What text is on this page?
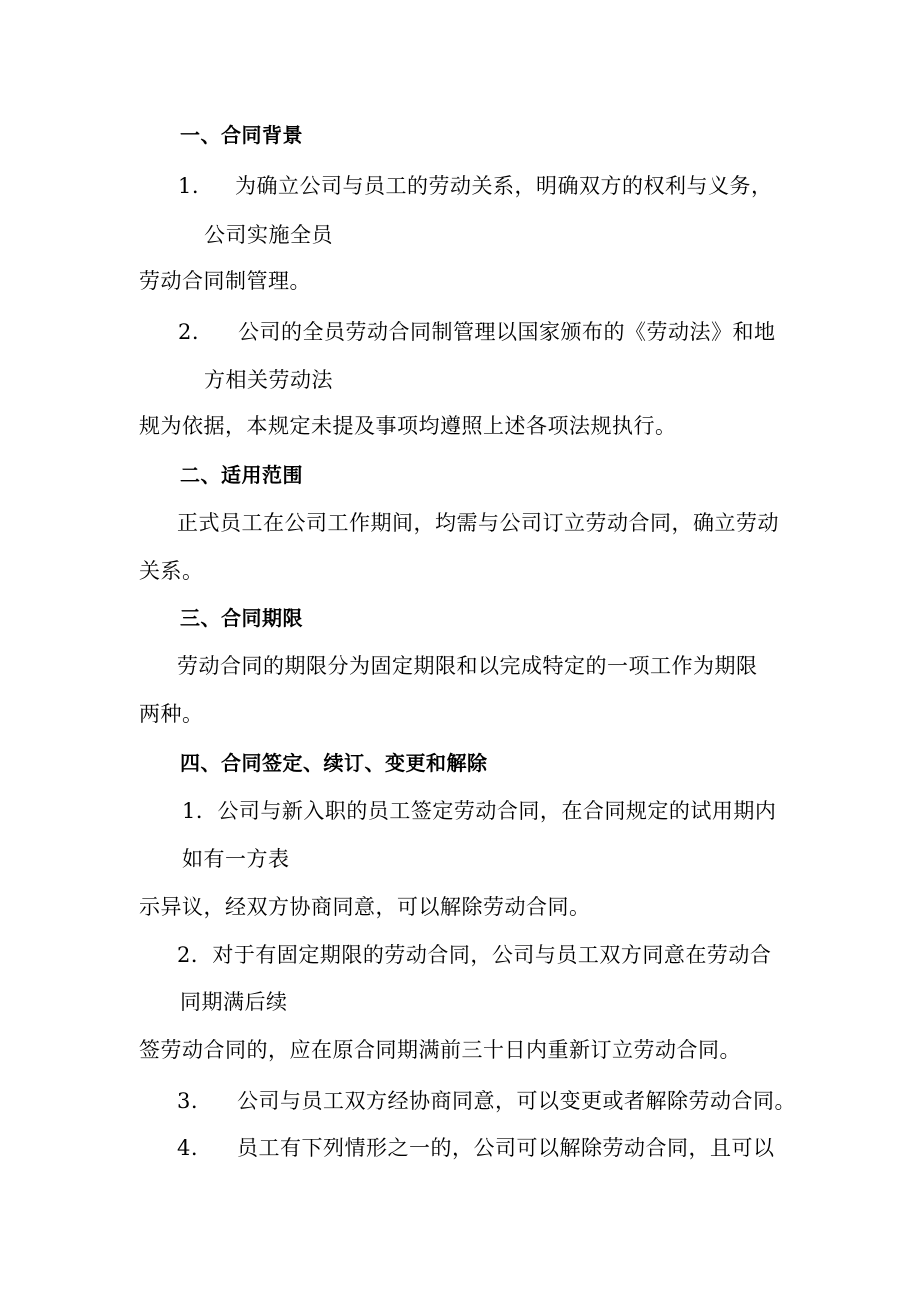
一、合同背景
1. 为确立公司与员工的劳动关系，明确双方的权利与义务，
公司实施全员
劳动合同制管理。
2. 公司的全员劳动合同制管理以国家颁布的《劳动法》和地
方相关劳动法
规为依据，本规定未提及事项均遵照上述各项法规执行。
二、适用范围
正式员工在公司工作期间，均需与公司订立劳动合同，确立劳动
关系。
三、合同期限
劳动合同的期限分为固定期限和以完成特定的一项工作为期限
两种。
四、合同签定、续订、变更和解除
1．公司与新入职的员工签定劳动合同，在合同规定的试用期内
如有一方表
示异议，经双方协商同意，可以解除劳动合同。
2．对于有固定期限的劳动合同，公司与员工双方同意在劳动合
同期满后续
签劳动合同的，应在原合同期满前三十日内重新订立劳动合同。
3. 公司与员工双方经协商同意，可以变更或者解除劳动合同。
4. 员工有下列情形之一的，公司可以解除劳动合同，且可以
